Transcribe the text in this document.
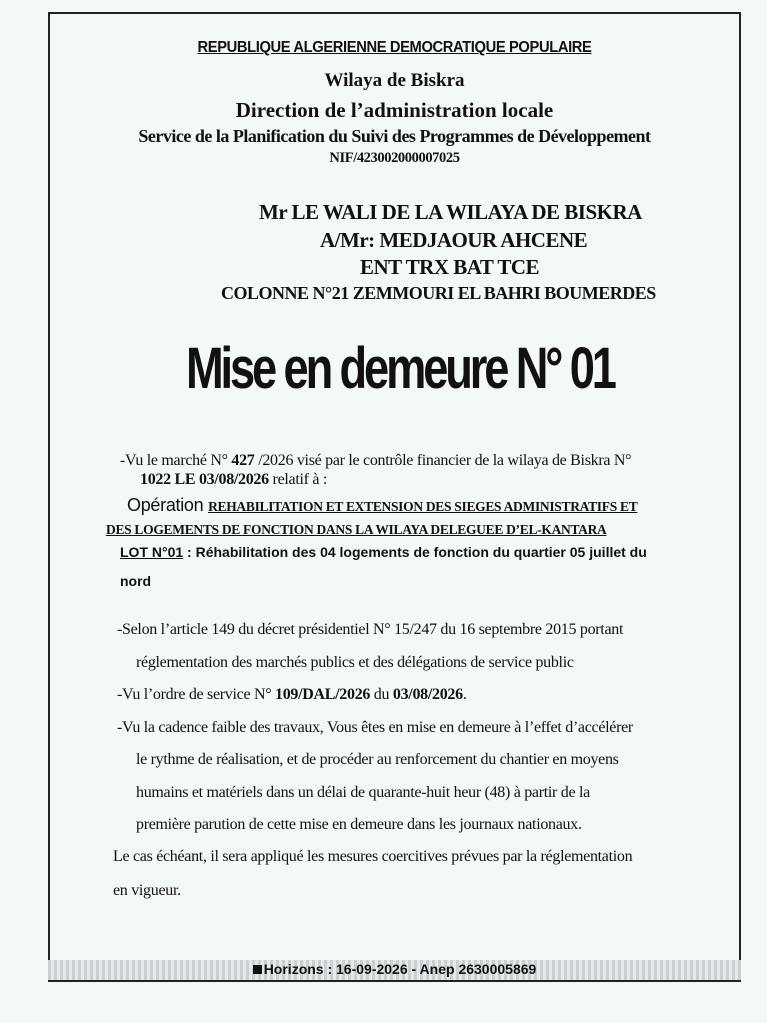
REPUBLIQUE ALGERIENNE DEMOCRATIQUE POPULAIRE
Wilaya de Biskra
Direction de l’administration locale
Service de la Planification du Suivi des Programmes de Développement
NIF/423002000007025
Mr LE WALI DE LA WILAYA DE BISKRA
A/Mr: MEDJAOUR AHCENE
ENT TRX BAT TCE
COLONNE N°21 ZEMMOURI EL BAHRI BOUMERDES
Mise en demeure N° 01
-Vu le marché N° 427 /2026 visé par le contrôle financier de la wilaya de Biskra N°
1022 LE 03/08/2026 relatif à :
Opération REHABILITATION ET EXTENSION DES SIEGES ADMINISTRATIFS ET
DES LOGEMENTS DE FONCTION DANS LA WILAYA DELEGUEE D’EL-KANTARA
LOT N°01 : Réhabilitation des 04 logements de fonction du quartier 05 juillet du
nord
-Selon l’article 149 du décret présidentiel N° 15/247 du 16 septembre 2015 portant
réglementation des marchés publics et des délégations de service public
-Vu l’ordre de service N° 109/DAL/2026 du 03/08/2026.
-Vu la cadence faible des travaux, Vous êtes en mise en demeure à l’effet d’accélérer
le rythme de réalisation, et de procéder au renforcement du chantier en moyens
humains et matériels dans un délai de quarante-huit heur (48) à partir de la
première parution de cette mise en demeure dans les journaux nationaux.
Le cas échéant, il sera appliqué les mesures coercitives prévues par la réglementation
en vigueur.
Horizons : 16-09-2026 - Anep 2630005869
